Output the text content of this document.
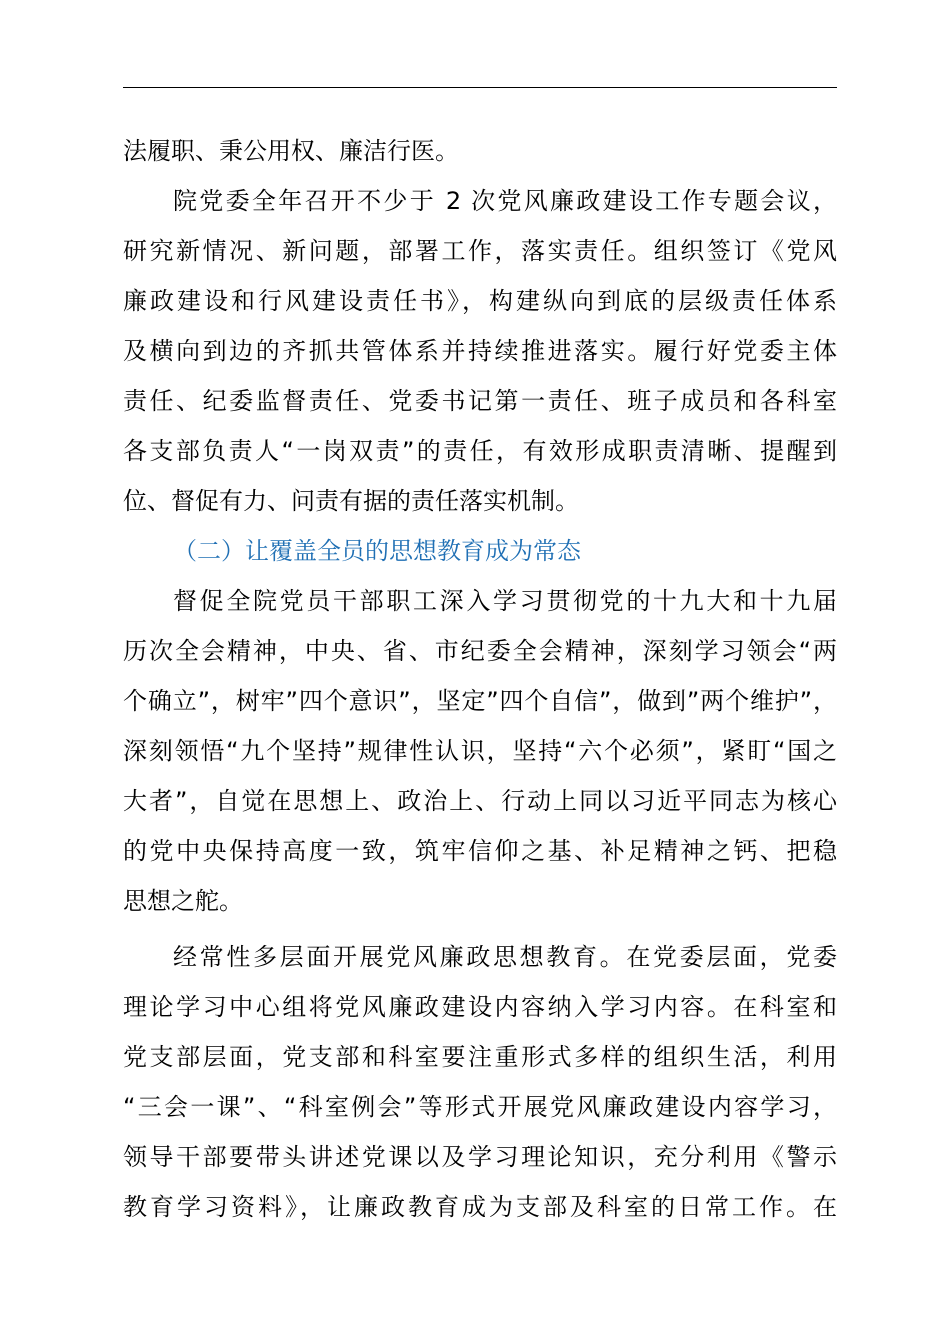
法履职、秉公用权、廉洁行医。
院党委全年召开不少于 2 次党风廉政建设工作专题会议，
研究新情况、新问题，部署工作，落实责任。组织签订《党风
廉政建设和行风建设责任书》，构建纵向到底的层级责任体系
及横向到边的齐抓共管体系并持续推进落实。履行好党委主体
责任、纪委监督责任、党委书记第一责任、班子成员和各科室
各支部负责人“一岗双责”的责任，有效形成职责清晰、提醒到
位、督促有力、问责有据的责任落实机制。
（二）让覆盖全员的思想教育成为常态
督促全院党员干部职工深入学习贯彻党的十九大和十九届
历次全会精神，中央、省、市纪委全会精神，深刻学习领会“两
个确立”，树牢”四个意识”，坚定”四个自信”，做到”两个维护”，
深刻领悟“九个坚持”规律性认识，坚持“六个必须”，紧盯“国之
大者”，自觉在思想上、政治上、行动上同以习近平同志为核心
的党中央保持高度一致，筑牢信仰之基、补足精神之钙、把稳
思想之舵。
经常性多层面开展党风廉政思想教育。在党委层面，党委
理论学习中心组将党风廉政建设内容纳入学习内容。在科室和
党支部层面，党支部和科室要注重形式多样的组织生活，利用
“三会一课”、“科室例会”等形式开展党风廉政建设内容学习，
领导干部要带头讲述党课以及学习理论知识，充分利用《警示
教育学习资料》，让廉政教育成为支部及科室的日常工作。在
